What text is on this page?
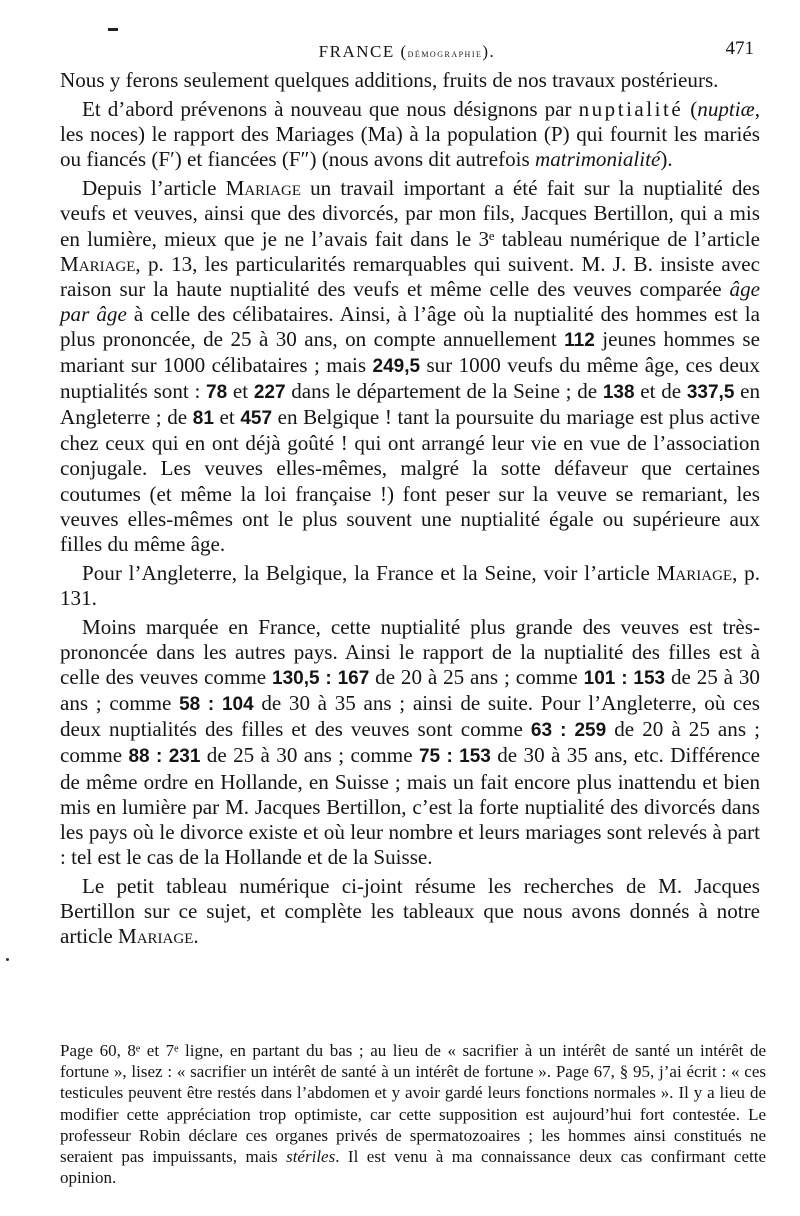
FRANCE (démographie).	471

Nous y ferons seulement quelques additions, fruits de nos travaux postérieurs.

Et d’abord prévenons à nouveau que nous désignons par nuptialité (nuptiæ, les noces) le rapport des Mariages (Ma) à la population (P) qui fournit les mariés ou fiancés (F′) et fiancées (F″) (nous avons dit autrefois matrimonialité).

Depuis l’article Mariage un travail important a été fait sur la nuptialité des veufs et veuves, ainsi que des divorcés, par mon fils, Jacques Bertillon, qui a mis en lumière, mieux que je ne l’avais fait dans le 3ᵉ tableau numérique de l’article Mariage, p. 13, les particularités remarquables qui suivent. M. J. B. insiste avec raison sur la haute nuptialité des veufs et même celle des veuves comparée âge par âge à celle des célibataires. Ainsi, à l’âge où la nuptialité des hommes est la plus prononcée, de 25 à 30 ans, on compte annuellement 112 jeunes hommes se mariant sur 1000 célibataires ; mais 249,5 sur 1000 veufs du même âge, ces deux nuptialités sont : 78 et 227 dans le département de la Seine ; de 138 et de 337,5 en Angleterre ; de 81 et 457 en Belgique ! tant la poursuite du mariage est plus active chez ceux qui en ont déjà goûté ! qui ont arrangé leur vie en vue de l’association conjugale. Les veuves elles-mêmes, malgré la sotte défaveur que certaines coutumes (et même la loi française !) font peser sur la veuve se remariant, les veuves elles-mêmes ont le plus souvent une nuptialité égale ou supérieure aux filles du même âge.

Pour l’Angleterre, la Belgique, la France et la Seine, voir l’article Mariage, p. 131.

Moins marquée en France, cette nuptialité plus grande des veuves est très-prononcée dans les autres pays. Ainsi le rapport de la nuptialité des filles est à celle des veuves comme 130,5 : 167 de 20 à 25 ans ; comme 101 : 153 de 25 à 30 ans ; comme 58 : 104 de 30 à 35 ans ; ainsi de suite. Pour l’Angleterre, où ces deux nuptialités des filles et des veuves sont comme 63 : 259 de 20 à 25 ans ; comme 88 : 231 de 25 à 30 ans ; comme 75 : 153 de 30 à 35 ans, etc. Différence de même ordre en Hollande, en Suisse ; mais un fait encore plus inattendu et bien mis en lumière par M. Jacques Bertillon, c’est la forte nuptialité des divorcés dans les pays où le divorce existe et où leur nombre et leurs mariages sont relevés à part : tel est le cas de la Hollande et de la Suisse.

Le petit tableau numérique ci-joint résume les recherches de M. Jacques Bertillon sur ce sujet, et complète les tableaux que nous avons donnés à notre article Mariage.

Page 60, 8ᵉ et 7ᵉ ligne, en partant du bas ; au lieu de « sacrifier à un intérêt de santé un intérêt de fortune », lisez : « sacrifier un intérêt de santé à un intérêt de fortune ». Page 67, § 95, j’ai écrit : « ces testicules peuvent être restés dans l’abdomen et y avoir gardé leurs fonctions normales ». Il y a lieu de modifier cette appréciation trop optimiste, car cette supposition est aujourd’hui fort contestée. Le professeur Robin déclare ces organes privés de spermatozoaires ; les hommes ainsi constitués ne seraient pas impuissants, mais stériles. Il est venu à ma connaissance deux cas confirmant cette opinion.
